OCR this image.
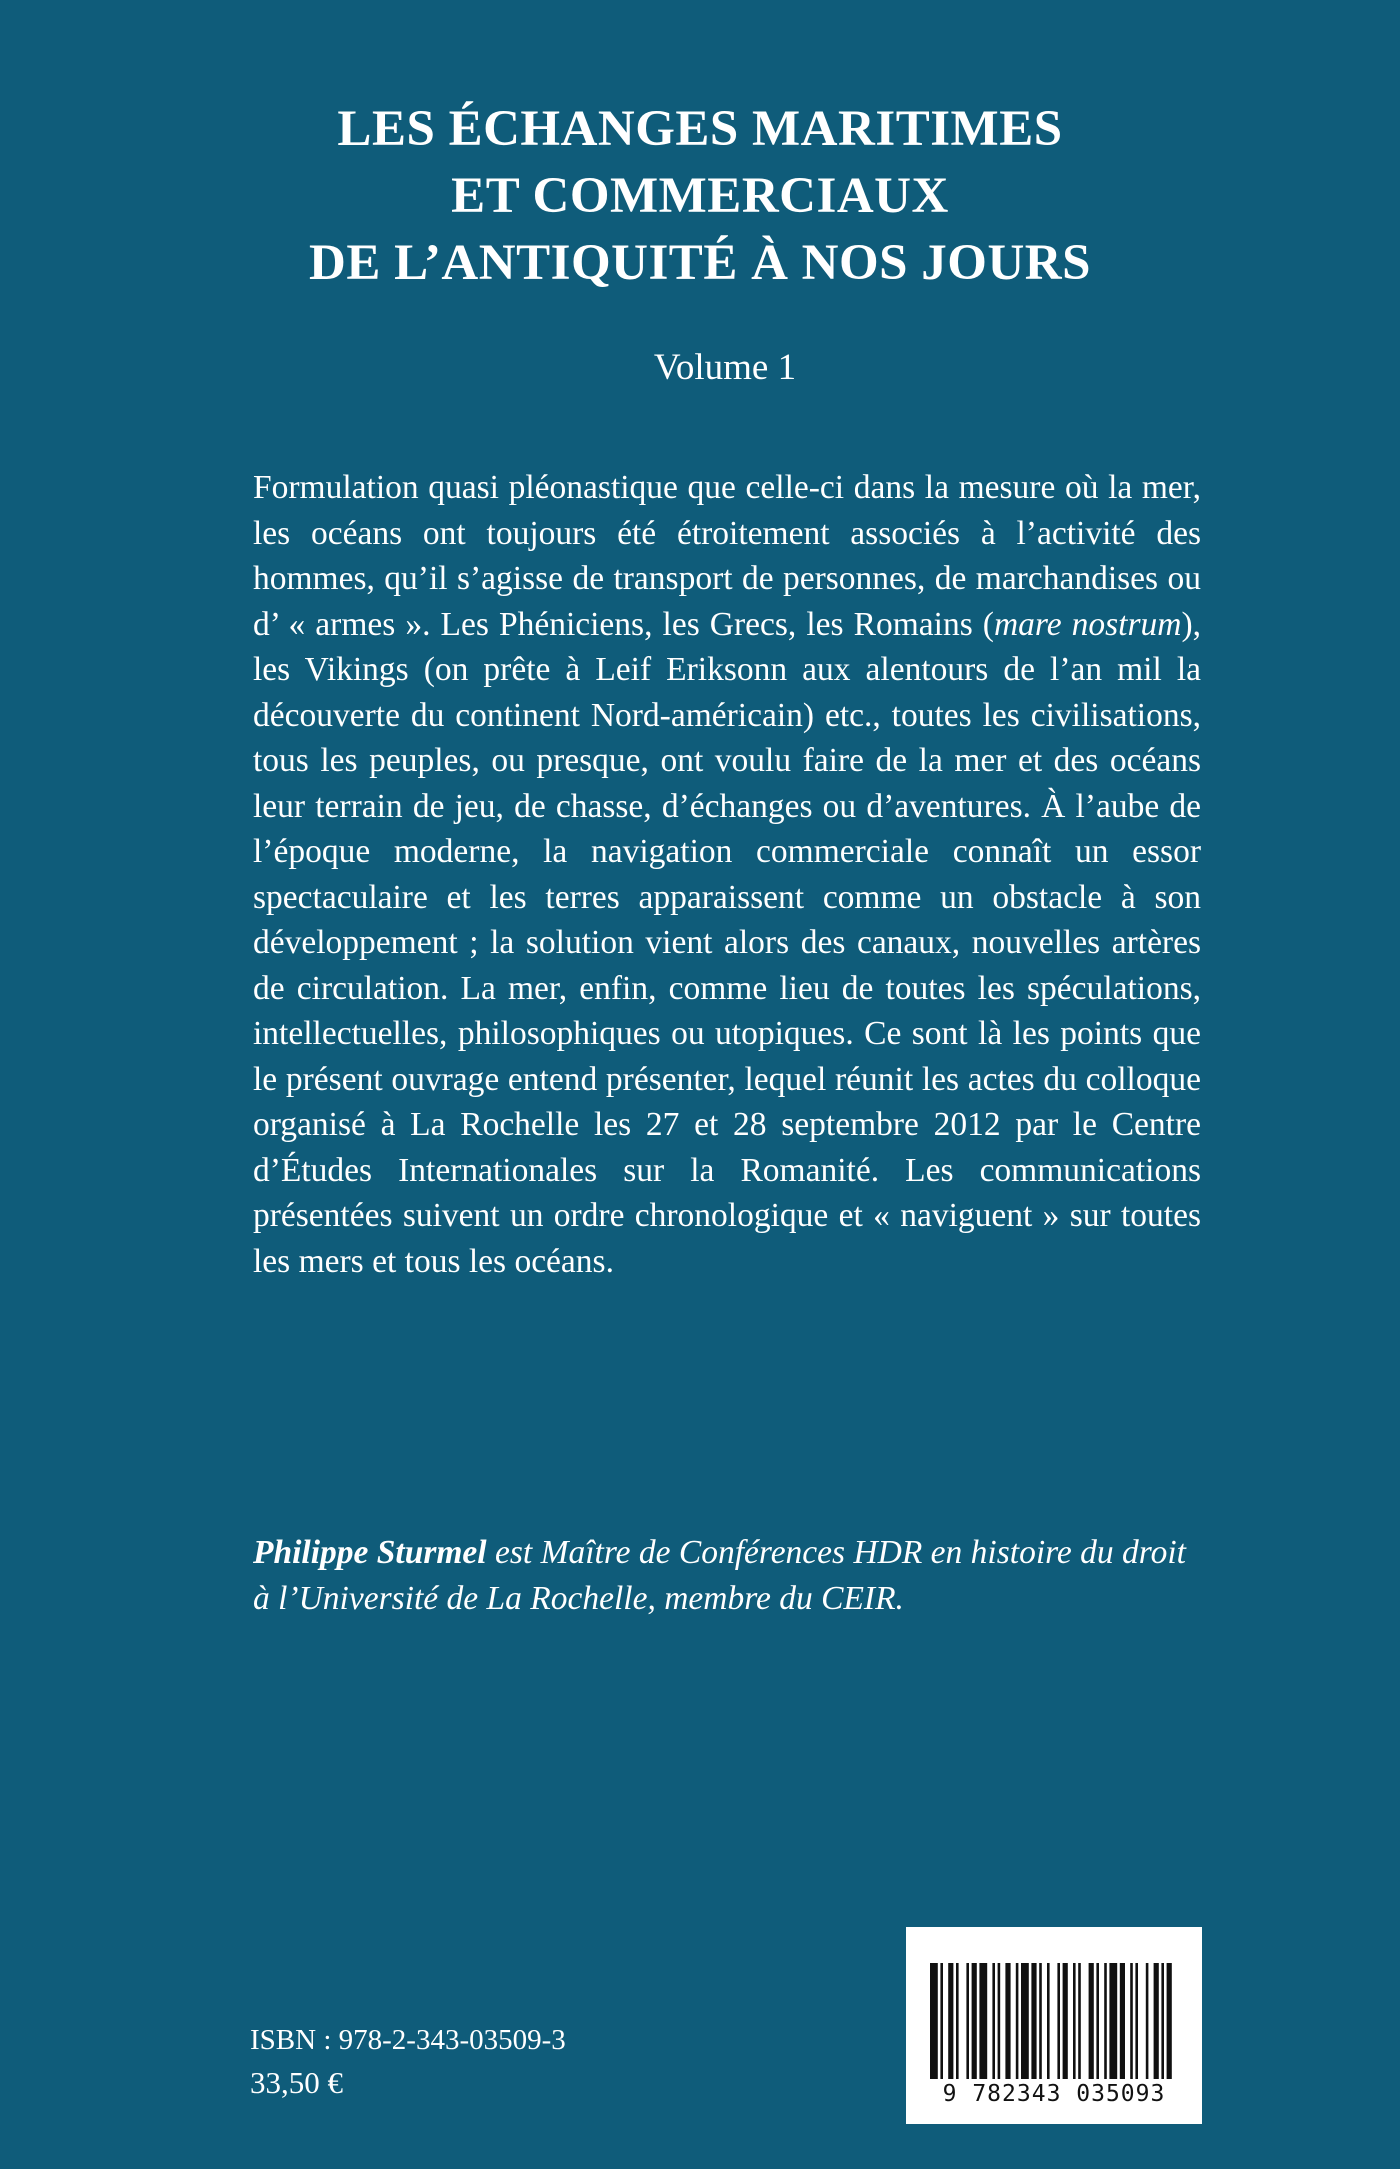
LES ÉCHANGES MARITIMES
ET COMMERCIAUX
DE L’ANTIQUITÉ À NOS JOURS
Volume 1

Formulation quasi pléonastique que celle-ci dans la mesure où la mer, les océans ont toujours été étroitement associés à l’activité des hommes, qu’il s’agisse de transport de personnes, de marchandises ou d’ « armes ». Les Phéniciens, les Grecs, les Romains (mare nostrum), les Vikings (on prête à Leif Eriksonn aux alentours de l’an mil la découverte du continent Nord-américain) etc., toutes les civilisations, tous les peuples, ou presque, ont voulu faire de la mer et des océans leur terrain de jeu, de chasse, d’échanges ou d’aventures. À l’aube de l’époque moderne, la navigation commerciale connaît un essor spectaculaire et les terres apparaissent comme un obstacle à son développement ; la solution vient alors des canaux, nouvelles artères de circulation. La mer, enfin, comme lieu de toutes les spéculations, intellectuelles, philosophiques ou utopiques. Ce sont là les points que le présent ouvrage entend présenter, lequel réunit les actes du colloque organisé à La Rochelle les 27 et 28 septembre 2012 par le Centre d’Études Internationales sur la Romanité. Les communications présentées suivent un ordre chronologique et « naviguent » sur toutes les mers et tous les océans.

Philippe Sturmel est Maître de Conférences HDR en histoire du droit à l’Université de La Rochelle, membre du CEIR.

ISBN : 978-2-343-03509-3
33,50 €	9 782343 035093
